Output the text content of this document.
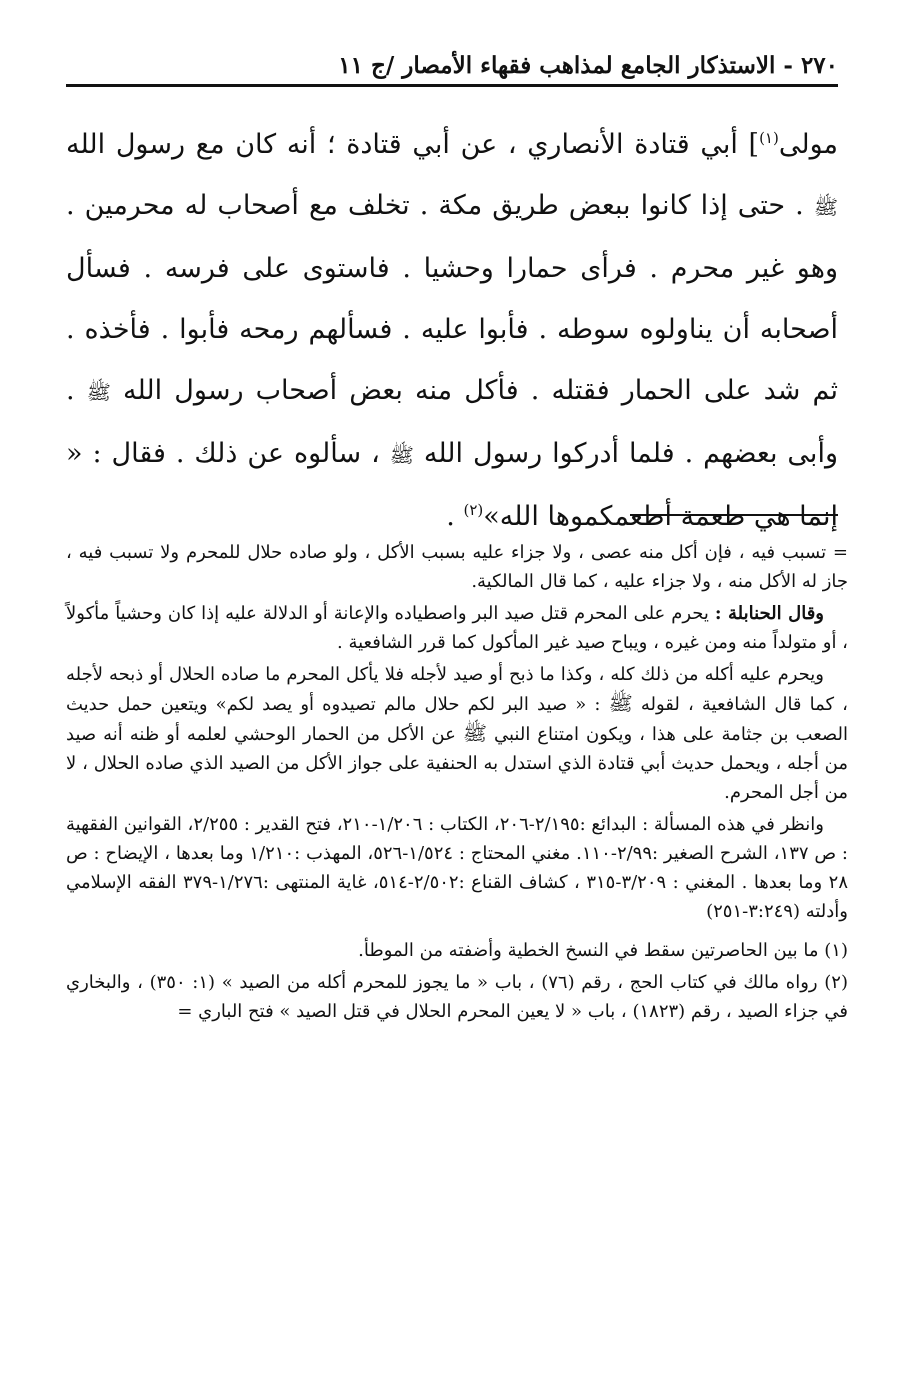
٢٧٠ - الاستذكار الجامع لمذاهب فقهاء الأمصار /ج ١١

مولى$^{(١)}$] أبي قتادة الأنصاري ، عن أبي قتادة ؛ أنه كان مع رسول الله ﷺ . حتى إذا كانوا ببعض طريق مكة . تخلف مع أصحاب له محرمين . وهو غير محرم . فرأى حمارا وحشيا . فاستوى على فرسه . فسأل أصحابه أن يناولوه سوطه . فأبوا عليه . فسألهم رمحه فأبوا . فأخذه . ثم شد على الحمار فقتله . فأكل منه بعض أصحاب رسول الله ﷺ . وأبى بعضهم . فلما أدركوا رسول الله ﷺ ، سألوه عن ذلك . فقال : « إنما هي طعمة أطعمكموها الله»$^{(٢)}$ .

= تسبب فيه ، فإن أكل منه عصى ، ولا جزاء عليه بسبب الأكل ، ولو صاده حلال للمحرم ولا تسبب فيه ، جاز له الأكل منه ، ولا جزاء عليه ، كما قال المالكية.

وقال الحنابلة : يحرم على المحرم قتل صيد البر واصطياده والإعانة أو الدلالة عليه إذا كان وحشياً مأكولاً ، أو متولداً منه ومن غيره ، ويباح صيد غير المأكول كما قرر الشافعية .

ويحرم عليه أكله من ذلك كله ، وكذا ما ذبح أو صيد لأجله فلا يأكل المحرم ما صاده الحلال أو ذبحه لأجله ، كما قال الشافعية ، لقوله ﷺ : « صيد البر لكم حلال مالم تصيدوه أو يصد لكم» ويتعين حمل حديث الصعب بن جثامة على هذا ، ويكون امتناع النبي ﷺ عن الأكل من الحمار الوحشي لعلمه أو ظنه أنه صيد من أجله ، ويحمل حديث أبي قتادة الذي استدل به الحنفية على جواز الأكل من الصيد الذي صاده الحلال ، لا من أجل المحرم.

وانظر في هذه المسألة : البدائع :٢/١٩٥-٢٠٦، الكتاب : ١/٢٠٦-٢١٠، فتح القدير : ٢/٢٥٥، القوانين الفقهية : ص ١٣٧، الشرح الصغير :٢/٩٩-١١٠. مغني المحتاج : ١/٥٢٤-٥٢٦، المهذب :١/٢١٠ وما بعدها ، الإيضاح : ص ٢٨ وما بعدها . المغني : ٣/٢٠٩-٣١٥ ، كشاف القناع :٢/٥٠٢-٥١٤، غاية المنتهى :١/٢٧٦-٣٧٩ الفقه الإسلامي وأدلته (٣:٢٤٩-٢٥١)

(١) ما بين الحاصرتين سقط في النسخ الخطية وأضفته من الموطأ.

(٢) رواه مالك في كتاب الحج ، رقم (٧٦) ، باب « ما يجوز للمحرم أكله من الصيد » (١: ٣٥٠) ، والبخاري في جزاء الصيد ، رقم (١٨٢٣) ، باب « لا يعين المحرم الحلال في قتل الصيد » فتح الباري =
